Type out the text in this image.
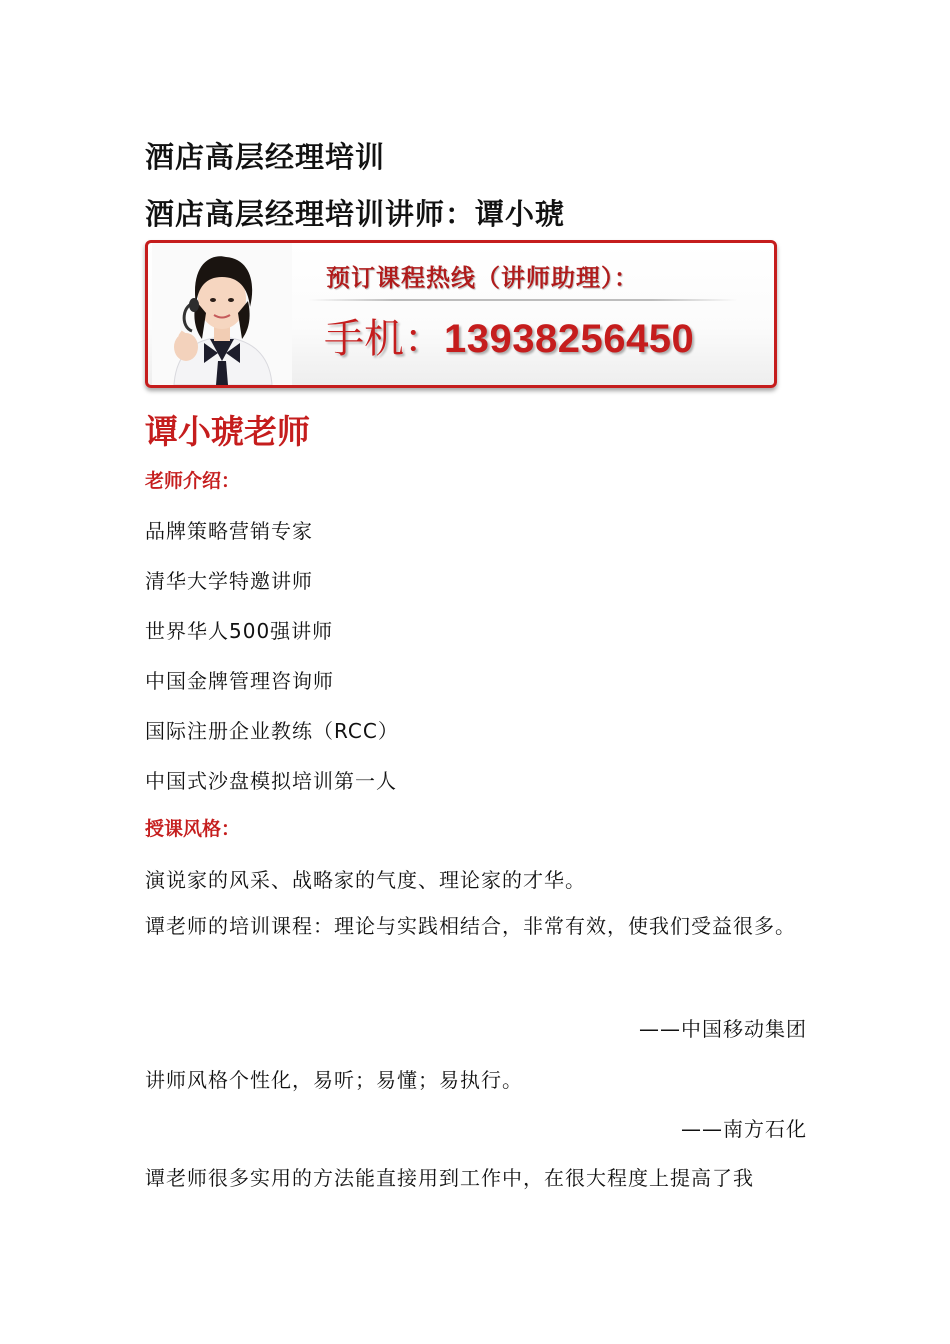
酒店高层经理培训
酒店高层经理培训讲师：谭小琥
预订课程热线（讲师助理）：
手机：13938256450
谭小琥老师
老师介绍：
品牌策略营销专家
清华大学特邀讲师
世界华人500强讲师
中国金牌管理咨询师
国际注册企业教练（RCC）
中国式沙盘模拟培训第一人
授课风格：
演说家的风采、战略家的气度、理论家的才华。
谭老师的培训课程：理论与实践相结合，非常有效，使我们受益很多。
——中国移动集团
讲师风格个性化，易听；易懂；易执行。
——南方石化
谭老师很多实用的方法能直接用到工作中，在很大程度上提高了我
